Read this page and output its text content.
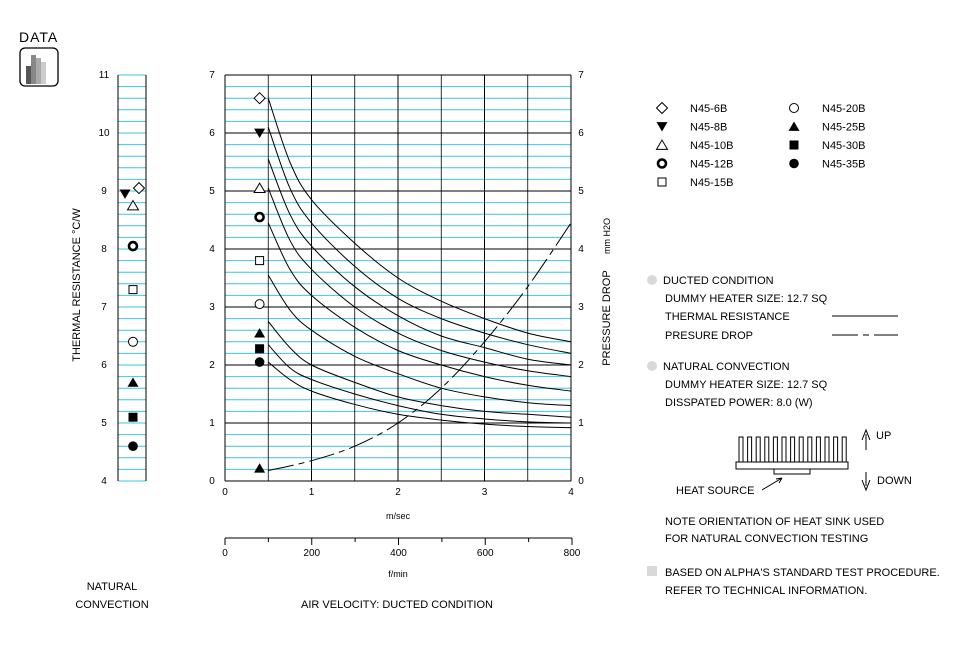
DATA
11
10
9
8
7
6
5
4
THERMAL RESISTANCE °C/W
NATURAL
CONVECTION
7
6
5
4
3
2
1
0
7
6
5
4
3
2
1
0
0	1	2	3	4
0	200	400	600	800
m/sec
f/min
AIR VELOCITY: DUCTED CONDITION
PRESSURE DROP
mm H2O
N45-6B
N45-8B
N45-10B
N45-12B
N45-15B
N45-20B
N45-25B
N45-30B
N45-35B
DUCTED CONDITION
DUMMY HEATER SIZE: 12.7 SQ
THERMAL RESISTANCE
PRESURE DROP
NATURAL CONVECTION
DUMMY HEATER SIZE: 12.7 SQ
DISSPATED POWER: 8.0 (W)
UP
DOWN
HEAT SOURCE
NOTE ORIENTATION OF HEAT SINK USED
FOR NATURAL CONVECTION TESTING
BASED ON ALPHA'S STANDARD TEST PROCEDURE.
REFER TO TECHNICAL INFORMATION.
